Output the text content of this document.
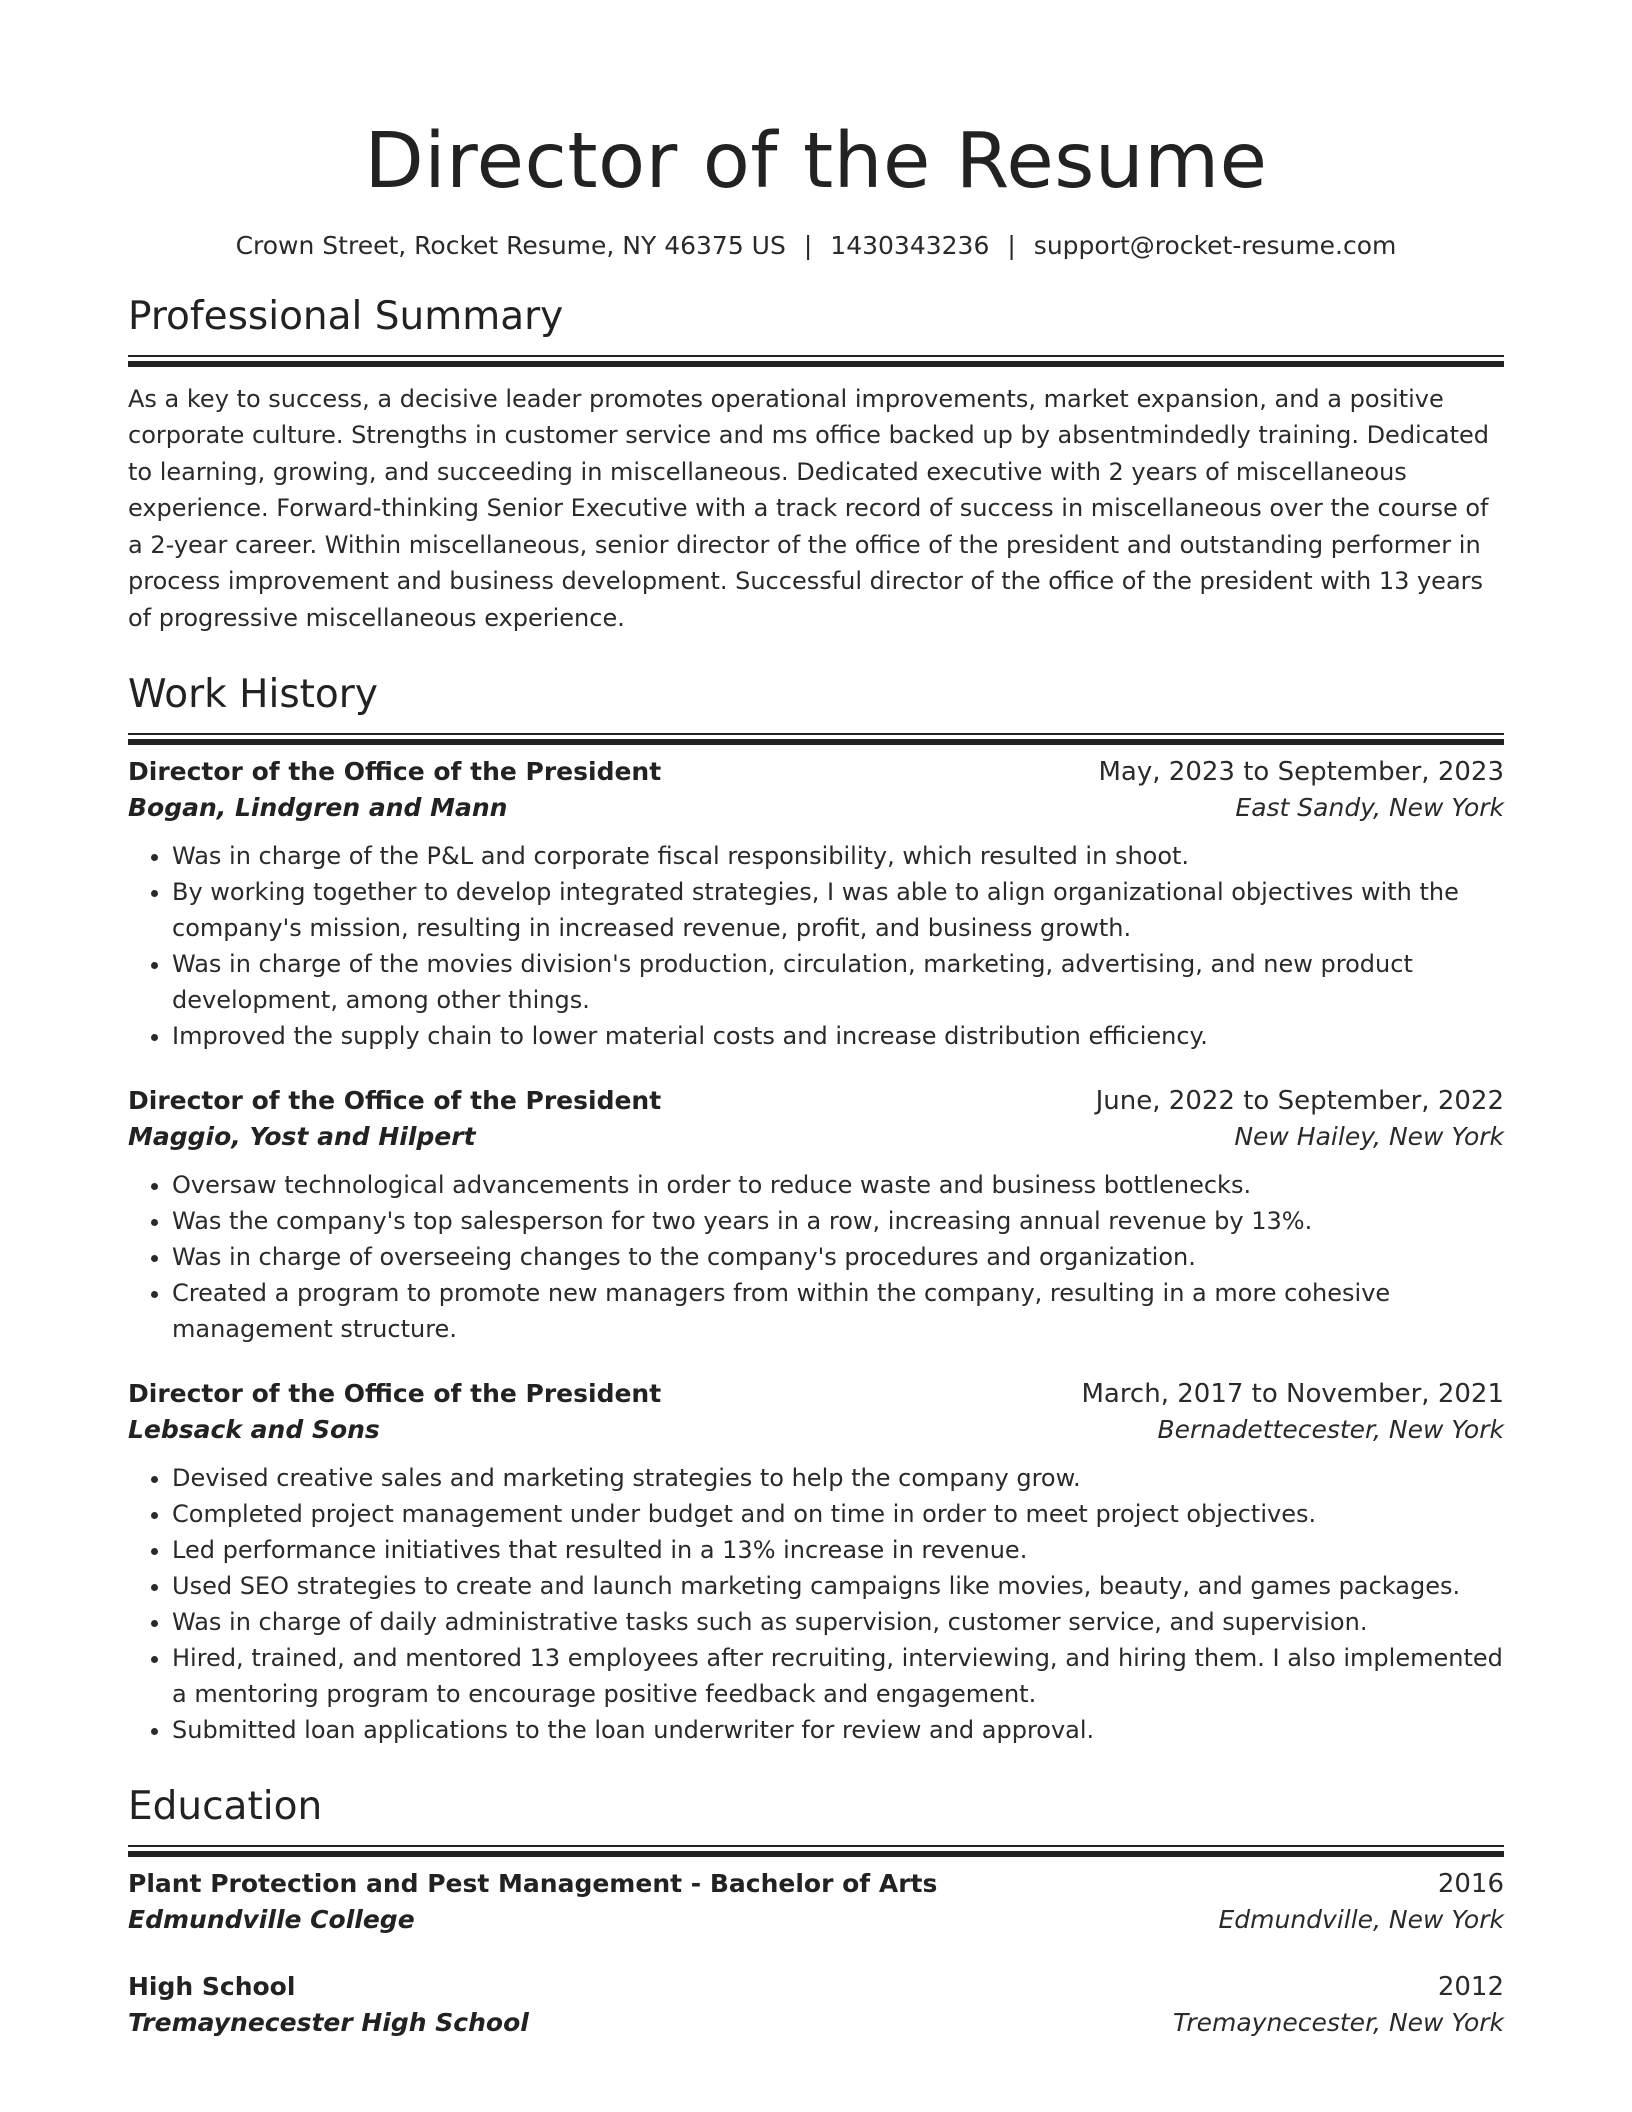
Director of the Resume
Crown Street, Rocket Resume, NY 46375 US | 1430343236 | support@rocket-resume.com
Professional Summary

As a key to success, a decisive leader promotes operational improvements, market expansion, and a positive corporate culture. Strengths in customer service and ms office backed up by absentmindedly training. Dedicated to learning, growing, and succeeding in miscellaneous. Dedicated executive with 2 years of miscellaneous experience. Forward-thinking Senior Executive with a track record of success in miscellaneous over the course of a 2-year career. Within miscellaneous, senior director of the office of the president and outstanding performer in process improvement and business development. Successful director of the office of the president with 13 years of progressive miscellaneous experience.

Work History
Director of the Office of the President	May, 2023 to September, 2023
Bogan, Lindgren and Mann	East Sandy, New York
• Was in charge of the P&L and corporate fiscal responsibility, which resulted in shoot.
• By working together to develop integrated strategies, I was able to align organizational objectives with the company's mission, resulting in increased revenue, profit, and business growth.
• Was in charge of the movies division's production, circulation, marketing, advertising, and new product development, among other things.
• Improved the supply chain to lower material costs and increase distribution efficiency.
Director of the Office of the President	June, 2022 to September, 2022
Maggio, Yost and Hilpert	New Hailey, New York
• Oversaw technological advancements in order to reduce waste and business bottlenecks.
• Was the company's top salesperson for two years in a row, increasing annual revenue by 13%.
• Was in charge of overseeing changes to the company's procedures and organization.
• Created a program to promote new managers from within the company, resulting in a more cohesive management structure.
Director of the Office of the President	March, 2017 to November, 2021
Lebsack and Sons	Bernadettecester, New York
• Devised creative sales and marketing strategies to help the company grow.
• Completed project management under budget and on time in order to meet project objectives.
• Led performance initiatives that resulted in a 13% increase in revenue.
• Used SEO strategies to create and launch marketing campaigns like movies, beauty, and games packages.
• Was in charge of daily administrative tasks such as supervision, customer service, and supervision.
• Hired, trained, and mentored 13 employees after recruiting, interviewing, and hiring them. I also implemented a mentoring program to encourage positive feedback and engagement.
• Submitted loan applications to the loan underwriter for review and approval.
Education
Plant Protection and Pest Management - Bachelor of Arts	2016
Edmundville College	Edmundville, New York
High School	2012
Tremaynecester High School	Tremaynecester, New York
